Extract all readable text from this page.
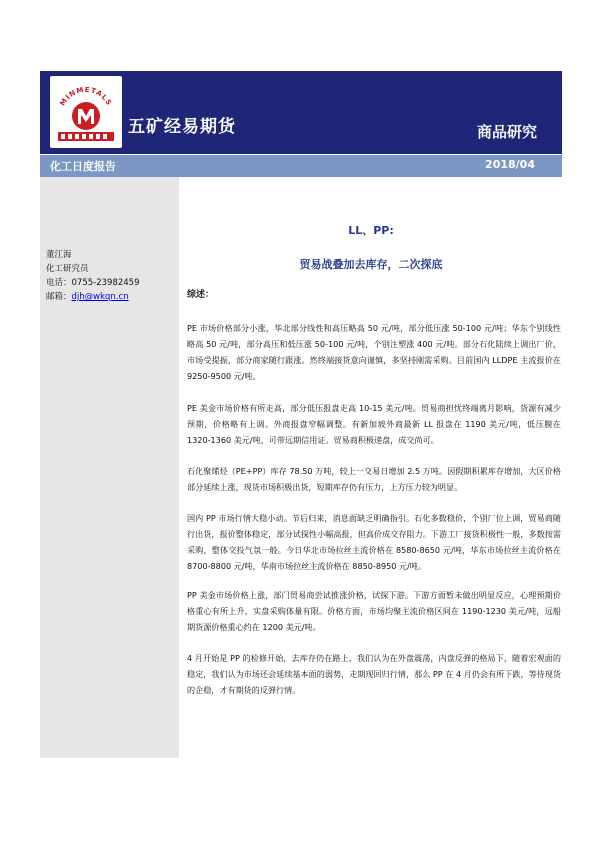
MINMETALS
五矿经易期货	商品研究
化工日度报告	2018/04
董江海
化工研究员
电话：0755-23982459
邮箱：djh@wkqn.cn
LL、PP:
贸易战叠加去库存，二次探底
综述：

PE 市场价格部分小涨，华北部分线性和高压略高 50 元/吨，部分低压涨 50-100 元/吨；华东个别线性略高 50 元/吨，部分高压和低压涨 50-100 元/吨，个别注塑涨 400 元/吨。部分石化陆续上调出厂价，市场受提振，部分商家随行跟涨。然终端接货意向谨慎，多坚持刚需采购。目前国内 LLDPE 主流报价在 9250-9500 元/吨。

PE 美金市场价格有所走高，部分低压报盘走高 10-15 美元/吨。贸易商担忧终端离月影响，货源有减少预期，价格略有上调。外商报盘窄幅调整。有新加坡外商最新 LL 报盘在 1190 美元/吨，低压膜在 1320-1360 美元/吨，可带远期信用证。贸易商积极递盘，成交尚可。

石化聚烯烃（PE+PP）库存 78.50 万吨，较上一交易日增加 2.5 万吨。因假期积累库存增加，大区价格部分延续上涨，现货市场积极出货，短期库存仍有压力，上方压力较为明显。

国内 PP 市场行情大稳小动。节后归来，消息面缺乏明确指引。石化多数稳价，个别厂位上调，贸易商随行出货，报价整体稳定，部分试探性小幅高报，但高价成交存阻力。下游工厂接货积极性一般，多数按需采购，整体交投气氛一般。今日华北市场拉丝主流价格在 8580-8650 元/吨，华东市场拉丝主流价格在 8700-8800 元/吨，华南市场拉丝主流价格在 8850-8950 元/吨。

PP 美金市场价格上涨，部门贸易商尝试推涨价格，试探下游。下游方面暂未做出明显反应，心理预期价格重心有所上升，实盘采购体量有限。价格方面，市场均聚主流价格区间在 1190-1230 美元/吨，远船期货源价格重心约在 1200 美元/吨。

4 月开始是 PP 的检修开始，去库存仍在路上，我们认为在外盘震荡，内盘反弹的格局下，随着宏观面的稳定，我们认为市场还会延续基本面的弱势，走期现回归行情，那么 PP 在 4 月仍会有所下跌，等待现货的企稳，才有期货的反弹行情。
